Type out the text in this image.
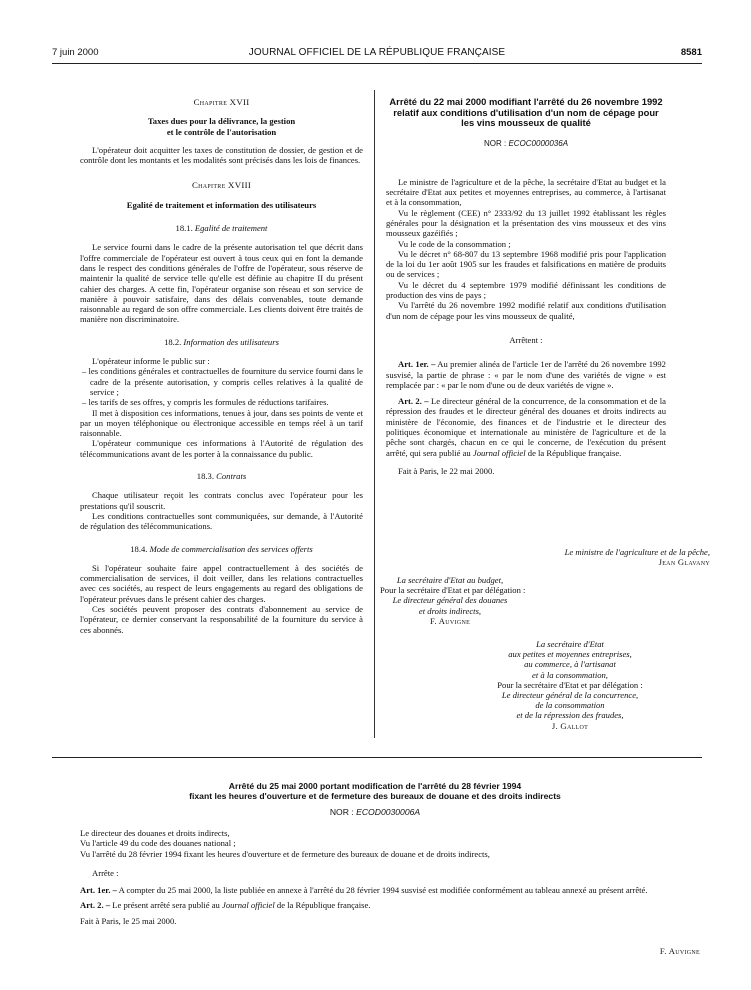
7 juin 2000	JOURNAL OFFICIEL DE LA RÉPUBLIQUE FRANÇAISE	8581
Chapitre XVII
Taxes dues pour la délivrance, la gestion
et le contrôle de l'autorisation
L'opérateur doit acquitter les taxes de constitution de dossier, de gestion et de contrôle dont les montants et les modalités sont précisés dans les lois de finances.
Chapitre XVIII
Egalité de traitement et information des utilisateurs
18.1. Egalité de traitement
Le service fourni dans le cadre de la présente autorisation tel que décrit dans l'offre commerciale de l'opérateur est ouvert à tous ceux qui en font la demande dans le respect des conditions générales de l'offre de l'opérateur, sous réserve de maintenir la qualité de service telle qu'elle est définie au chapitre II du présent cahier des charges. A cette fin, l'opérateur organise son réseau et son service de manière à pouvoir satisfaire, dans des délais convenables, toute demande raisonnable au regard de son offre commerciale. Les clients doivent être traités de manière non discriminatoire.
18.2. Information des utilisateurs
L'opérateur informe le public sur :
– les conditions générales et contractuelles de fourniture du service fourni dans le cadre de la présente autorisation, y compris celles relatives à la qualité de service ;
– les tarifs de ses offres, y compris les formules de réductions tarifaires.
Il met à disposition ces informations, tenues à jour, dans ses points de vente et par un moyen téléphonique ou électronique accessible en temps réel à un tarif raisonnable.
L'opérateur communique ces informations à l'Autorité de régulation des télécommunications avant de les porter à la connaissance du public.
18.3. Contrats
Chaque utilisateur reçoit les contrats conclus avec l'opérateur pour les prestations qu'il souscrit.
Les conditions contractuelles sont communiquées, sur demande, à l'Autorité de régulation des télécommunications.
18.4. Mode de commercialisation des services offerts
Si l'opérateur souhaite faire appel contractuellement à des sociétés de commercialisation de services, il doit veiller, dans les relations contractuelles avec ces sociétés, au respect de leurs engagements au regard des obligations de l'opérateur prévues dans le présent cahier des charges.
Ces sociétés peuvent proposer des contrats d'abonnement au service de l'opérateur, ce dernier conservant la responsabilité de la fourniture du service à ces abonnés.
Arrêté du 22 mai 2000 modifiant l'arrêté du 26 novembre 1992 relatif aux conditions d'utilisation d'un nom de cépage pour les vins mousseux de qualité
NOR : ECOC0000036A
Le ministre de l'agriculture et de la pêche, la secrétaire d'Etat au budget et la secrétaire d'Etat aux petites et moyennes entreprises, au commerce, à l'artisanat et à la consommation,
Vu le règlement (CEE) n° 2333/92 du 13 juillet 1992 établissant les règles générales pour la désignation et la présentation des vins mousseux et des vins mousseux gazéifiés ;
Vu le code de la consommation ;
Vu le décret n° 68-807 du 13 septembre 1968 modifié pris pour l'application de la loi du 1er août 1905 sur les fraudes et falsifications en matière de produits ou de services ;
Vu le décret du 4 septembre 1979 modifié définissant les conditions de production des vins de pays ;
Vu l'arrêté du 26 novembre 1992 modifié relatif aux conditions d'utilisation d'un nom de cépage pour les vins mousseux de qualité,
Arrêtent :
Art. 1er. – Au premier alinéa de l'article 1er de l'arrêté du 26 novembre 1992 susvisé, la partie de phrase : « par le nom d'une des variétés de vigne » est remplacée par : « par le nom d'une ou de deux variétés de vigne ».
Art. 2. – Le directeur général de la concurrence, de la consommation et de la répression des fraudes et le directeur général des douanes et droits indirects au ministère de l'économie, des finances et de l'industrie et le directeur des politiques économique et internationale au ministère de l'agriculture et de la pêche sont chargés, chacun en ce qui le concerne, de l'exécution du présent arrêté, qui sera publié au Journal officiel de la République française.
Fait à Paris, le 22 mai 2000.
Le ministre de l'agriculture et de la pêche,
Jean Glavany
La secrétaire d'Etat au budget,
Pour la secrétaire d'Etat et par délégation :
Le directeur général des douanes
et droits indirects,
F. Auvigne
La secrétaire d'Etat
aux petites et moyennes entreprises,
au commerce, à l'artisanat
et à la consommation,
Pour la secrétaire d'Etat et par délégation :
Le directeur général de la concurrence,
de la consommation
et de la répression des fraudes,
J. Gallot
Arrêté du 25 mai 2000 portant modification de l'arrêté du 28 février 1994
fixant les heures d'ouverture et de fermeture des bureaux de douane et des droits indirects
NOR : ECOD0030006A
Le directeur des douanes et droits indirects,
Vu l'article 49 du code des douanes national ;
Vu l'arrêté du 28 février 1994 fixant les heures d'ouverture et de fermeture des bureaux de douane et de droits indirects,
Arrête :
Art. 1er. – A compter du 25 mai 2000, la liste publiée en annexe à l'arrêté du 28 février 1994 susvisé est modifiée conformément au tableau annexé au présent arrêté.
Art. 2. – Le présent arrêté sera publié au Journal officiel de la République française.
Fait à Paris, le 25 mai 2000.
F. Auvigne
